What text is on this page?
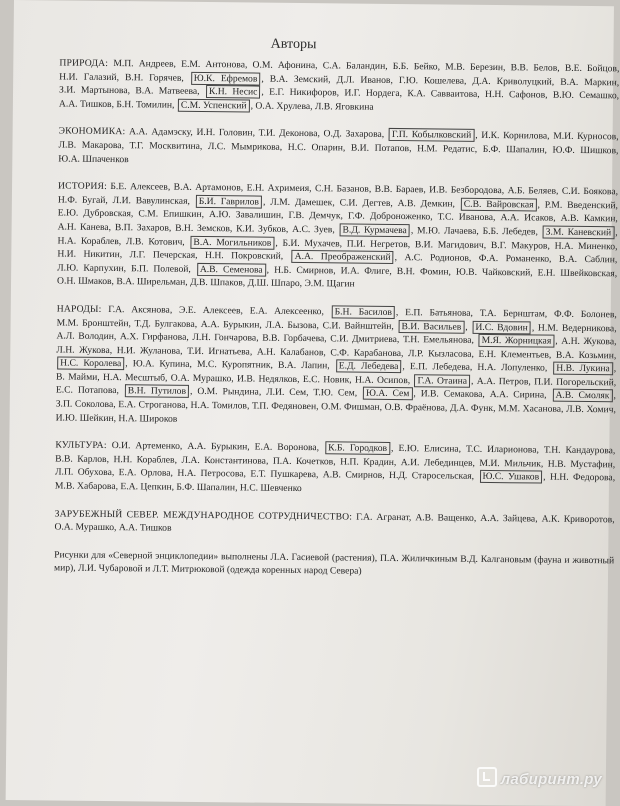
Авторы
ПРИРОДА: М.П. Андреев, Е.М. Антонова, О.М. Афонина, С.А. Баландин, Б.Б. Бейко, М.В. Березин, В.В. Белов, В.Е. Бойцов, Н.И. Галазий, В.Н. Горячев, Ю.К. Ефремов , В.А. Земский, Д.Л. Иванов, Г.Ю. Кошелева, Д.А. Криволуцкий, В.А. Маркин, З.И. Мартынова, В.А. Матвеева, К.Н. Несис , Е.Г. Никифоров, И.Г. Нордега, К.А. Савваитова, Н.Н. Сафонов, В.Ю. Семашко, А.А. Тишков, Б.Н. Томилин, С.М. Успенский , О.А. Хрулева, Л.В. Яговкина
ЭКОНОМИКА: А.А. Адамэску, И.Н. Головин, Т.И. Деконова, О.Д. Захарова, Г.П. Кобылковский , И.К. Корнилова, М.И. Курносов, Л.В. Макарова, Т.Г. Москвитина, Л.С. Мымрикова, Н.С. Опарин, В.И. Потапов, Н.М. Редатис, Б.Ф. Шапалин, Ю.Ф. Шишков, Ю.А. Шпаченков
ИСТОРИЯ: Б.Е. Алексеев, В.А. Артамонов, Е.Н. Ахримеия, С.Н. Базанов, В.В. Бараев, И.В. Безбородова, А.Б. Беляев, С.И. Боякова, Н.Ф. Бугай, Л.И. Вавулинская, Б.И. Гаврилов , Л.М. Дамешек, С.И. Дегтев, А.В. Демкин, С.В. Вайровская , Р.М. Введенский, Е.Ю. Дубровская, С.М. Епишкин, А.Ю. Завалишин, Г.В. Демчук, Г.Ф. Доброноженко, Т.С. Иванова, А.А. Исаков, А.В. Камкин, А.Н. Канева, В.П. Захаров, В.Н. Земсков, К.И. Зубков, А.С. Зуев, В.Д. Курмачева , М.Ю. Лачаева, Б.Б. Лебедев, З.М. Каневский , Н.А. Кораблев, Л.В. Котович, В.А. Могильников , Б.И. Мухачев, П.И. Негретов, В.И. Магидович, В.Г. Макуров, Н.А. Миненко, Н.И. Никитин, Л.Г. Печерская, Н.Н. Покровский, А.А. Преображенский , А.С. Родионов, Ф.А. Романенко, В.А. Саблин, Л.Ю. Карпухин, Б.П. Полевой, А.В. Семенова , Н.Б. Смирнов, И.А. Флиге, В.Н. Фомин, Ю.В. Чайковский, Е.Н. Швейковская, О.Н. Шмаков, В.А. Ширельман, Д.В. Шпаков, Д.Ш. Шпаро, Э.М. Щагин
НАРОДЫ: Г.А. Аксянова, Э.Е. Алексеев, Е.А. Алексеенко, Б.Н. Басилов , Е.П. Батьянова, Т.А. Бернштам, Ф.Ф. Болонев, М.М. Бронштейн, Т.Д. Булгакова, А.А. Бурыкин, Л.А. Бызова, С.И. Вайнштейн, В.И. Васильев , И.С. Вдовин , Н.М. Ведерникова, А.Л. Володин, А.Х. Гирфанова, Л.Н. Гончарова, В.В. Горбачева, С.И. Дмитриева, Т.Н. Емельянова, М.Я. Жорницкая , А.Н. Жукова, Л.Н. Жукова, Н.И. Жуланова, Т.И. Игнатьева, А.Н. Калабанов, С.Ф. Карабанова, Л.Р. Кызласова, Е.Н. Клементьев, В.А. Козьмин, Н.С. Королева , Ю.А. Купина, М.С. Куропятник, В.А. Лапин, Е.Д. Лебедева , Е.П. Лебедева, Н.А. Лопуленко, Н.В. Лукина , В. Майми, Н.А. Месштыб, О.А. Мурашко, И.В. Недялков, Е.С. Новик, Н.А. Осипов, Г.А. Отаина , А.А. Петров, П.И. Погорельский, Е.С. Потапова, В.Н. Путилов , О.М. Рындина, Л.И. Сем, Т.Ю. Сем, Ю.А. Сем , И.В. Семакова, А.А. Сирина, А.В. Смоляк , З.П. Соколова, Е.А. Строганова, Н.А. Томилов, Т.П. Федяновен, О.М. Фишман, О.В. Фраёнова, Д.А. Функ, М.М. Хасанова, Л.В. Хомич, И.Ю. Шейкин, Н.А. Широков
КУЛЬТУРА: О.И. Артеменко, А.А. Бурыкин, Е.А. Воронова, К.Б. Городков , Е.Ю. Елисина, Т.С. Иларионова, Т.Н. Кандаурова, В.В. Карлов, Н.Н. Кораблев, Л.А. Константинова, П.А. Кочетков, Н.П. Крадин, А.И. Лебединцев, М.И. Мильчик, Н.В. Мустафин, Л.П. Обухова, Е.А. Орлова, Н.А. Петросова, Е.Т. Пушкарева, А.В. Смирнов, Н.Д. Старосельская, Ю.С. Ушаков , Н.Н. Федорова, М.В. Хабарова, Е.А. Цепкин, Б.Ф. Шапалин, Н.С. Шевченко
ЗАРУБЕЖНЫЙ СЕВЕР. МЕЖДУНАРОДНОЕ СОТРУДНИЧЕСТВО: Г.А. Агранат, А.В. Ващенко, А.А. Зайцева, А.К. Криворотов, О.А. Мурашко, А.А. Тишков
Рисунки для «Северной энциклопедии» выполнены Л.А. Гасиевой (растения), П.А. Жиличкиным В.Д. Калгановым (фауна и животный мир), Л.И. Чубаровой и Л.Т. Митрюковой (одежда коренных народ Севера)
лабиринт.ру
